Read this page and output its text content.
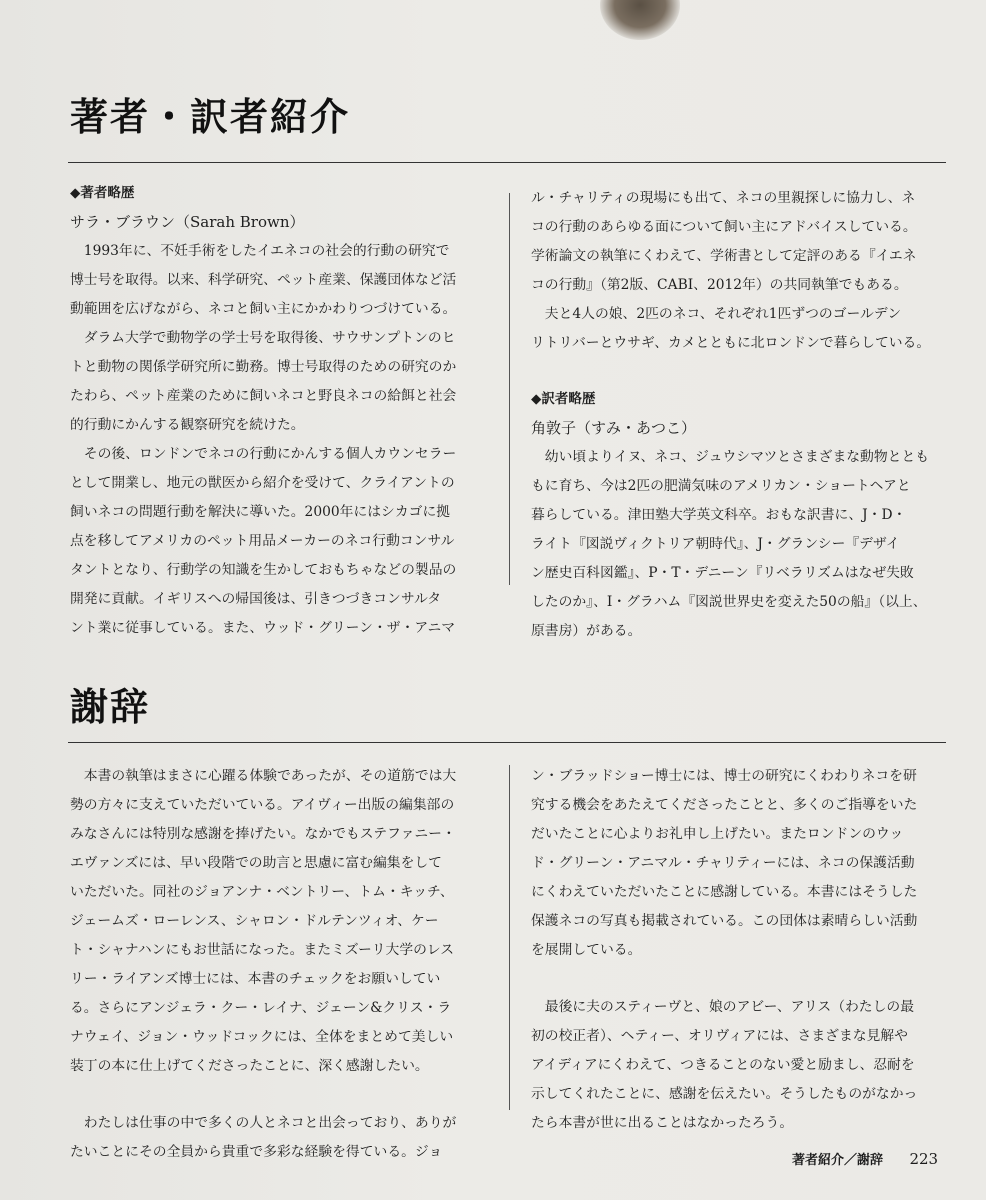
著者・訳者紹介

◆著者略歴

サラ・ブラウン（Sarah Brown）

　1993年に、不妊手術をしたイエネコの社会的行動の研究で

博士号を取得。以来、科学研究、ペット産業、保護団体など活

動範囲を広げながら、ネコと飼い主にかかわりつづけている。

　ダラム大学で動物学の学士号を取得後、サウサンプトンのヒ

トと動物の関係学研究所に勤務。博士号取得のための研究のか

たわら、ペット産業のために飼いネコと野良ネコの給餌と社会

的行動にかんする観察研究を続けた。

　その後、ロンドンでネコの行動にかんする個人カウンセラー

として開業し、地元の獣医から紹介を受けて、クライアントの

飼いネコの問題行動を解決に導いた。2000年にはシカゴに拠

点を移してアメリカのペット用品メーカーのネコ行動コンサル

タントとなり、行動学の知識を生かしておもちゃなどの製品の

開発に貢献。イギリスへの帰国後は、引きつづきコンサルタ

ント業に従事している。また、ウッド・グリーン・ザ・アニマ

ル・チャリティの現場にも出て、ネコの里親探しに協力し、ネ

コの行動のあらゆる面について飼い主にアドバイスしている。

学術論文の執筆にくわえて、学術書として定評のある『イエネ

コの行動』（第2版、CABI、2012年）の共同執筆でもある。

　夫と4人の娘、2匹のネコ、それぞれ1匹ずつのゴールデン

リトリバーとウサギ、カメとともに北ロンドンで暮らしている。

◆訳者略歴

角敦子（すみ・あつこ）

　幼い頃よりイヌ、ネコ、ジュウシマツとさまざまな動物ととも

もに育ち、今は2匹の肥満気味のアメリカン・ショートヘアと

暮らしている。津田塾大学英文科卒。おもな訳書に、J・D・

ライト『図説ヴィクトリア朝時代』、J・グランシー『デザイ

ン歴史百科図鑑』、P・T・デニーン『リベラリズムはなぜ失敗

したのか』、I・グラハム『図説世界史を変えた50の船』（以上、

原書房）がある。

謝辞

　本書の執筆はまさに心躍る体験であったが、その道筋では大

勢の方々に支えていただいている。アイヴィー出版の編集部の

みなさんには特別な感謝を捧げたい。なかでもステファニー・

エヴァンズには、早い段階での助言と思慮に富む編集をして

いただいた。同社のジョアンナ・ベントリー、トム・キッチ、

ジェームズ・ローレンス、シャロン・ドルテンツィオ、ケー

ト・シャナハンにもお世話になった。またミズーリ大学のレス

リー・ライアンズ博士には、本書のチェックをお願いしてい

る。さらにアンジェラ・クー・レイナ、ジェーン&クリス・ラ

ナウェイ、ジョン・ウッドコックには、全体をまとめて美しい

装丁の本に仕上げてくださったことに、深く感謝したい。

　わたしは仕事の中で多くの人とネコと出会っており、ありが

たいことにその全員から貴重で多彩な経験を得ている。ジョ

ン・ブラッドショー博士には、博士の研究にくわわりネコを研

究する機会をあたえてくださったことと、多くのご指導をいた

だいたことに心よりお礼申し上げたい。またロンドンのウッ

ド・グリーン・アニマル・チャリティーには、ネコの保護活動

にくわえていただいたことに感謝している。本書にはそうした

保護ネコの写真も掲載されている。この団体は素晴らしい活動

を展開している。

　最後に夫のスティーヴと、娘のアビー、アリス（わたしの最

初の校正者）、ヘティー、オリヴィアには、さまざまな見解や

アイディアにくわえて、つきることのない愛と励まし、忍耐を

示してくれたことに、感謝を伝えたい。そうしたものがなかっ

たら本書が世に出ることはなかったろう。

著者紹介／謝辞 223
